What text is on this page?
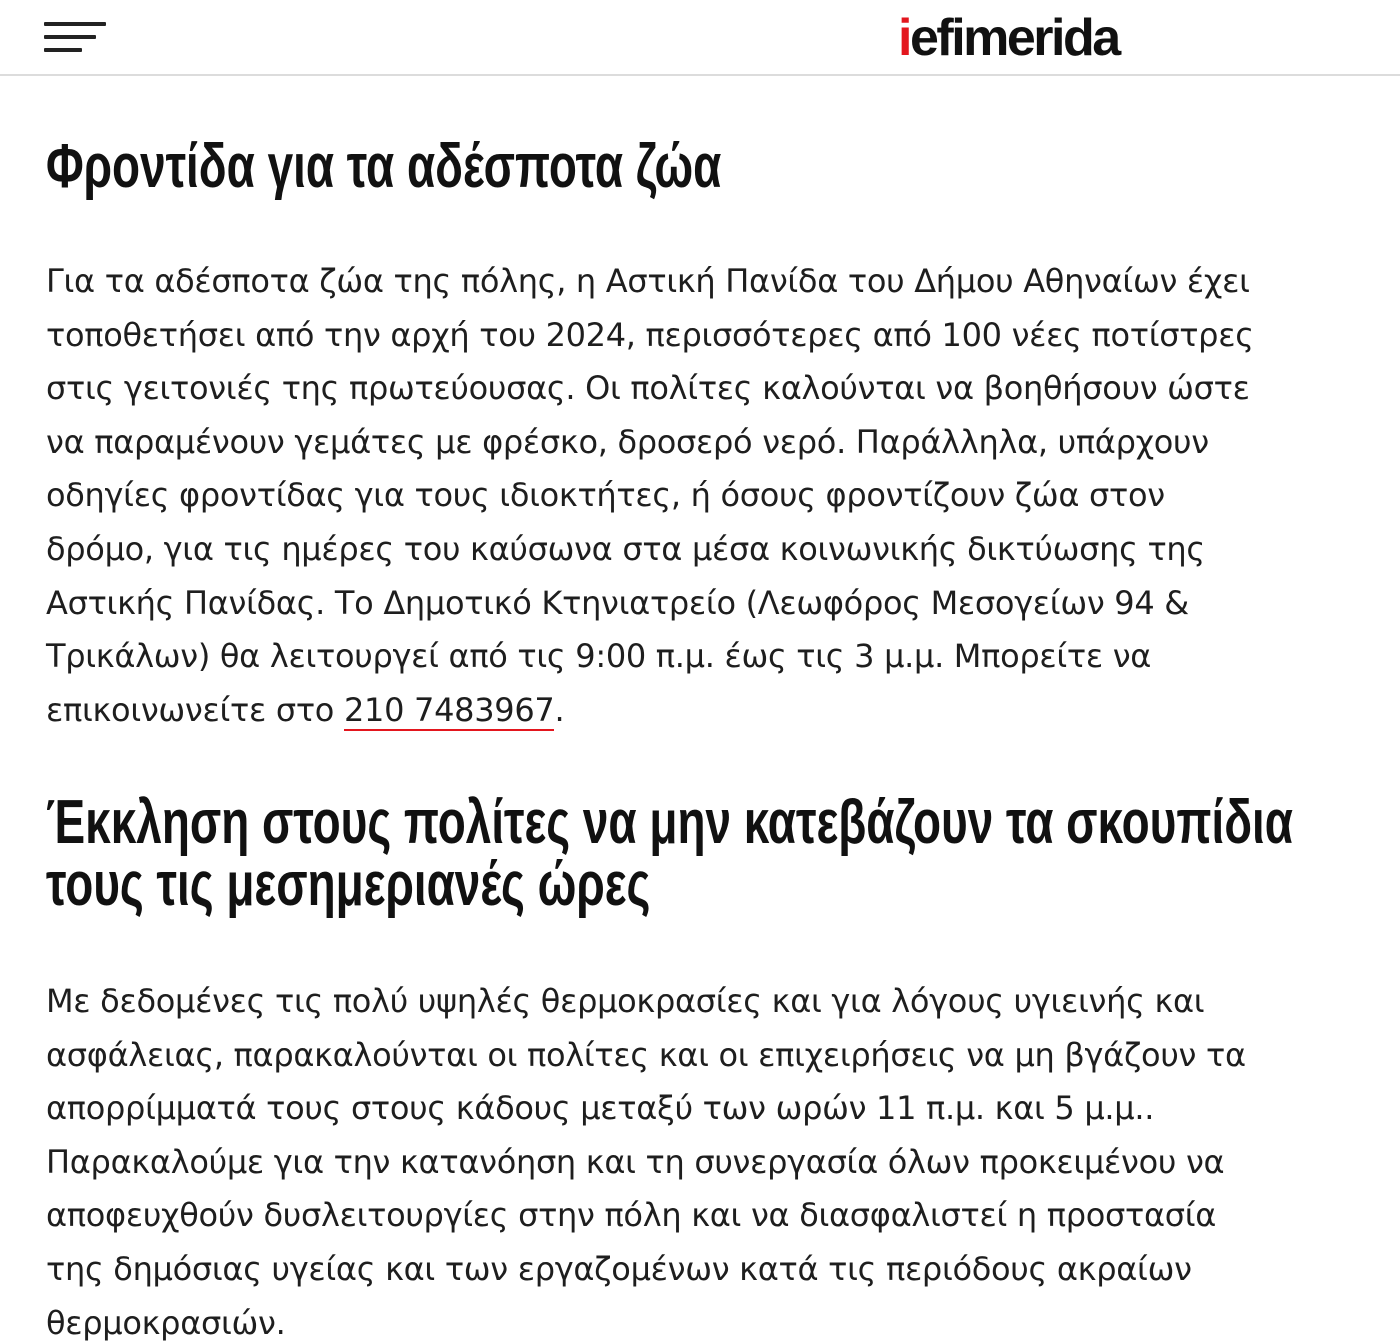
iefimerida
Φροντίδα για τα αδέσποτα ζώα

Για τα αδέσποτα ζώα της πόλης, η Αστική Πανίδα του Δήμου Αθηναίων έχει
τοποθετήσει από την αρχή του 2024, περισσότερες από 100 νέες ποτίστρες
στις γειτονιές της πρωτεύουσας. Οι πολίτες καλούνται να βοηθήσουν ώστε
να παραμένουν γεμάτες με φρέσκο, δροσερό νερό. Παράλληλα, υπάρχουν
οδηγίες φροντίδας για τους ιδιοκτήτες, ή όσους φροντίζουν ζώα στον
δρόμο, για τις ημέρες του καύσωνα στα μέσα κοινωνικής δικτύωσης της
Αστικής Πανίδας. Το Δημοτικό Κτηνιατρείο (Λεωφόρος Μεσογείων 94 &
Τρικάλων) θα λειτουργεί από τις 9:00 π.μ. έως τις 3 μ.μ. Μπορείτε να
επικοινωνείτε στο 210 7483967.

Έκκληση στους πολίτες να μην κατεβάζουν τα σκουπίδια
τους τις μεσημεριανές ώρες

Με δεδομένες τις πολύ υψηλές θερμοκρασίες και για λόγους υγιεινής και
ασφάλειας, παρακαλούνται οι πολίτες και οι επιχειρήσεις να μη βγάζουν τα
απορρίμματά τους στους κάδους μεταξύ των ωρών 11 π.μ. και 5 μ.μ..
Παρακαλούμε για την κατανόηση και τη συνεργασία όλων προκειμένου να
αποφευχθούν δυσλειτουργίες στην πόλη και να διασφαλιστεί η προστασία
της δημόσιας υγείας και των εργαζομένων κατά τις περιόδους ακραίων
θερμοκρασιών.
